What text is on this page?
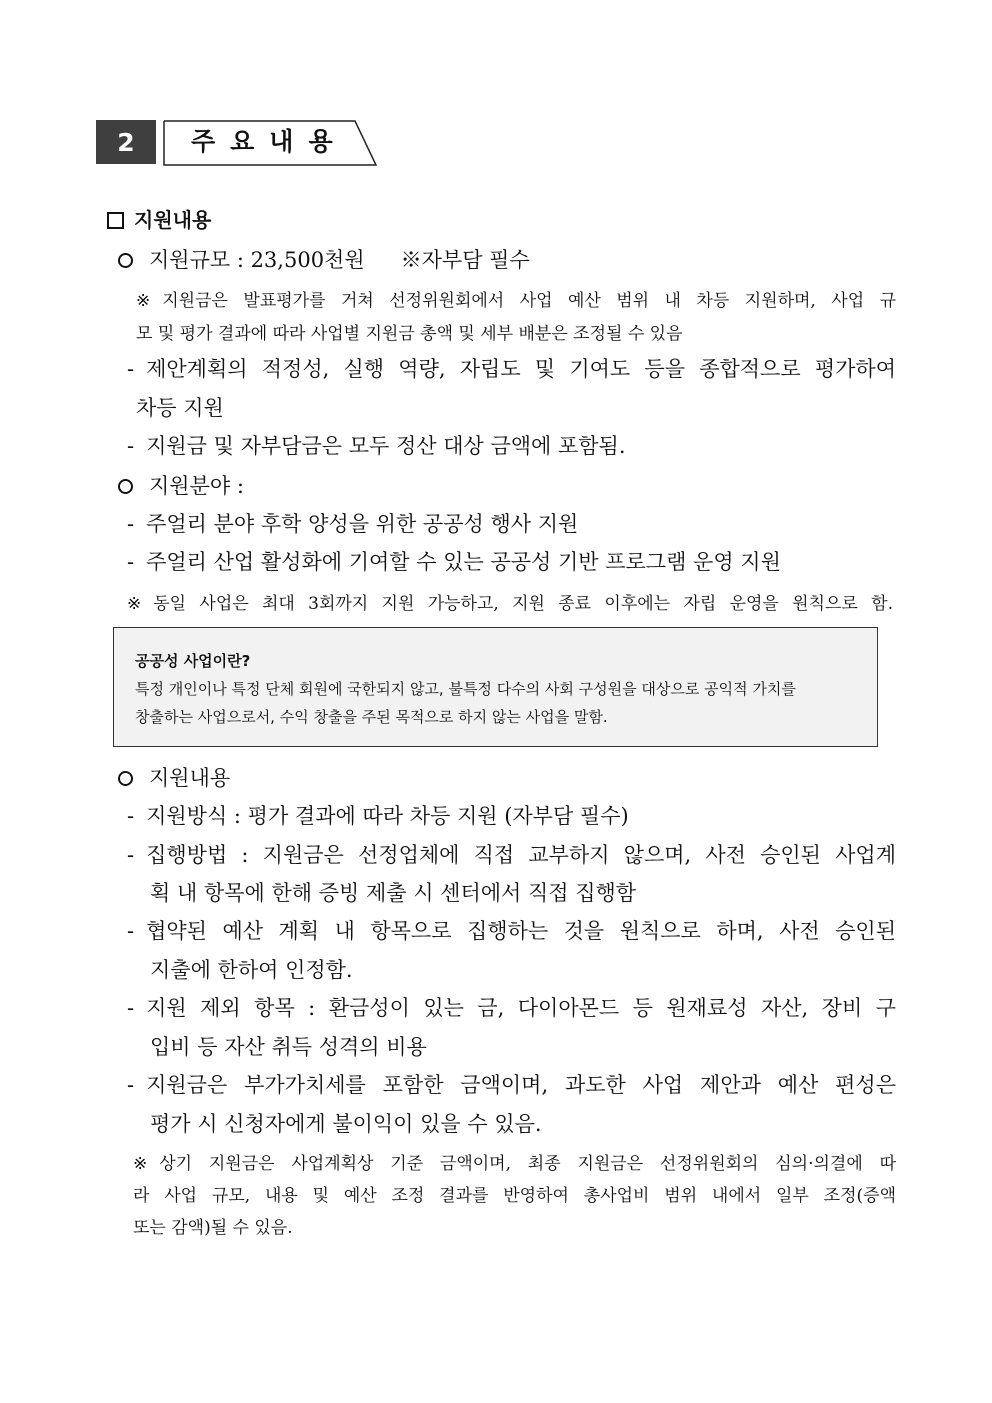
2	주요내용
지원내용
지원규모 : 23,500천원 ※자부담 필수
※ 지원금은 발표평가를 거쳐 선정위원회에서 사업 예산 범위 내 차등 지원하며, 사업 규
모 및 평가 결과에 따라 사업별 지원금 총액 및 세부 배분은 조정될 수 있음
- 제안계획의 적정성, 실행 역량, 자립도 및 기여도 등을 종합적으로 평가하여
차등 지원
- 지원금 및 자부담금은 모두 정산 대상 금액에 포함됨.
지원분야 :
- 주얼리 분야 후학 양성을 위한 공공성 행사 지원
- 주얼리 산업 활성화에 기여할 수 있는 공공성 기반 프로그램 운영 지원
※ 동일 사업은 최대 3회까지 지원 가능하고, 지원 종료 이후에는 자립 운영을 원칙으로 함.
공공성 사업이란?
특정 개인이나 특정 단체 회원에 국한되지 않고, 불특정 다수의 사회 구성원을 대상으로 공익적 가치를
창출하는 사업으로서, 수익 창출을 주된 목적으로 하지 않는 사업을 말함.
지원내용
- 지원방식 : 평가 결과에 따라 차등 지원 (자부담 필수)
- 집행방법 : 지원금은 선정업체에 직접 교부하지 않으며, 사전 승인된 사업계
획 내 항목에 한해 증빙 제출 시 센터에서 직접 집행함
- 협약된 예산 계획 내 항목으로 집행하는 것을 원칙으로 하며, 사전 승인된
지출에 한하여 인정함.
- 지원 제외 항목 : 환금성이 있는 금, 다이아몬드 등 원재료성 자산, 장비 구
입비 등 자산 취득 성격의 비용
- 지원금은 부가가치세를 포함한 금액이며, 과도한 사업 제안과 예산 편성은
평가 시 신청자에게 불이익이 있을 수 있음.
※ 상기 지원금은 사업계획상 기준 금액이며, 최종 지원금은 선정위원회의 심의·의결에 따
라 사업 규모, 내용 및 예산 조정 결과를 반영하여 총사업비 범위 내에서 일부 조정(증액
또는 감액)될 수 있음.
